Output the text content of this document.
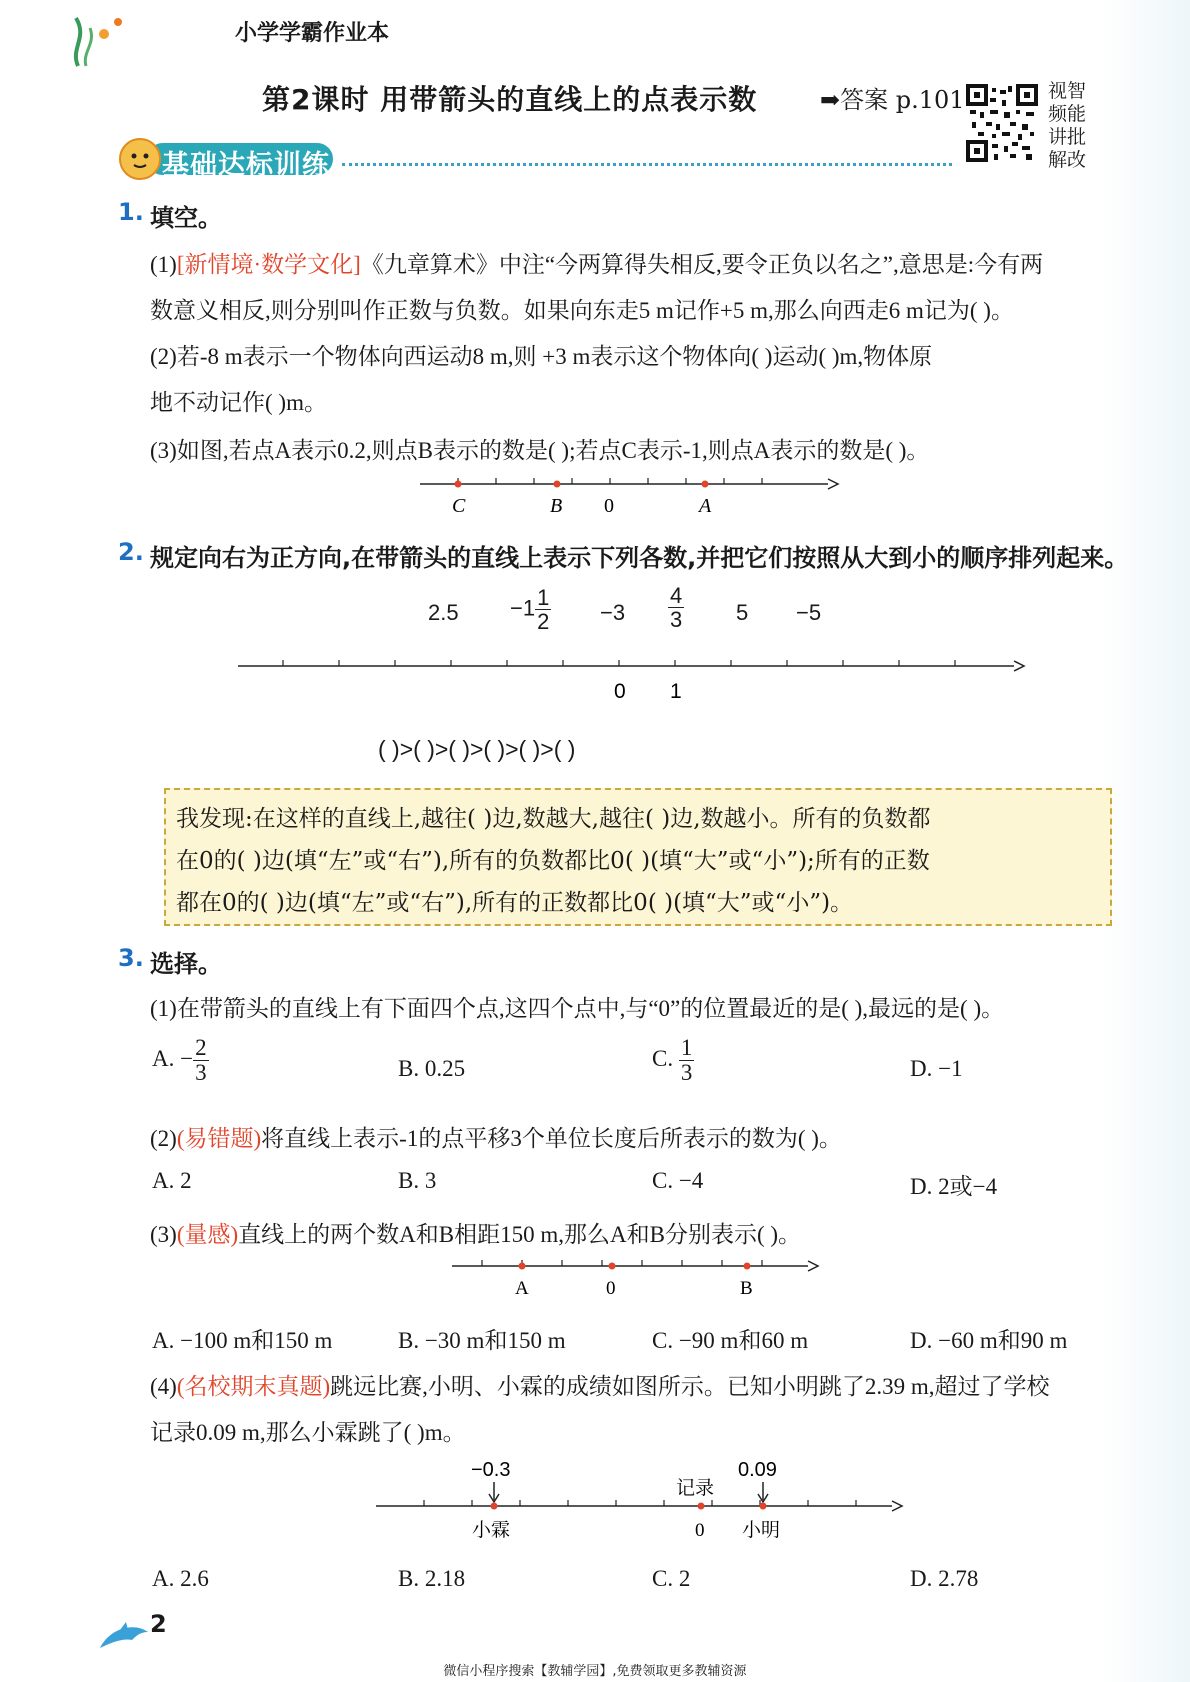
小学学霸作业本
第2课时 用带箭头的直线上的点表示数	➡答案 p.101	视智
频能
讲批
解改
基础达标训练
1. 填空。
(1)[新情境·数学文化]《九章算术》中注“今两算得失相反,要令正负以名之”,意思是:今有两
数意义相反,则分别叫作正数与负数。如果向东走5 m记作+5 m,那么向西走6 m记为( )。
(2)若-8 m表示一个物体向西运动8 m,则 +3 m表示这个物体向( )运动( )m,物体原
地不动记作( )m。
(3)如图,若点A表示0.2,则点B表示的数是( );若点C表示-1,则点A表示的数是( )。
C	B 0	A
2. 规定向右为正方向,在带箭头的直线上表示下列各数,并把它们按照从大到小的顺序排列起来。
$2.5 -1 \frac{1}{2} -3 \frac{4}{3} 5 -5$
0 1
( )>( )>( )>( )>( )>( )
我发现:在这样的直线上,越往( )边,数越大,越往( )边,数越小。所有的负数都
在0的( )边(填“左”或“右”),所有的负数都比0( )(填“大”或“小”);所有的正数
都在0的( )边(填“左”或“右”),所有的正数都比0( )(填“大”或“小”)。
3. 选择。
(1)在带箭头的直线上有下面四个点,这四个点中,与“0”的位置最近的是( ),最远的是( )。
A. − $\frac{2}{3}$	B. 0.25	C. $\frac{1}{3}$	D. −1
(2)(易错题)将直线上表示-1的点平移3个单位长度后所表示的数为( )。
A. 2	B. 3	C. −4	D. 2或−4
(3)(量感)直线上的两个数A和B相距150 m,那么A和B分别表示( )。
A	0	B
A. −100 m和150 m	B. −30 m和150 m	C. −90 m和60 m	D. −60 m和90 m
(4)(名校期末真题)跳远比赛,小明、小霖的成绩如图所示。已知小明跳了2.39 m,超过了学校
记录0.09 m,那么小霖跳了( )m。
−0.3	0.09
记录
小霖	0 小明
A. 2.6	B. 2.18	C. 2	D. 2.78
2
微信小程序搜索【教辅学园】,免费领取更多教辅资源
